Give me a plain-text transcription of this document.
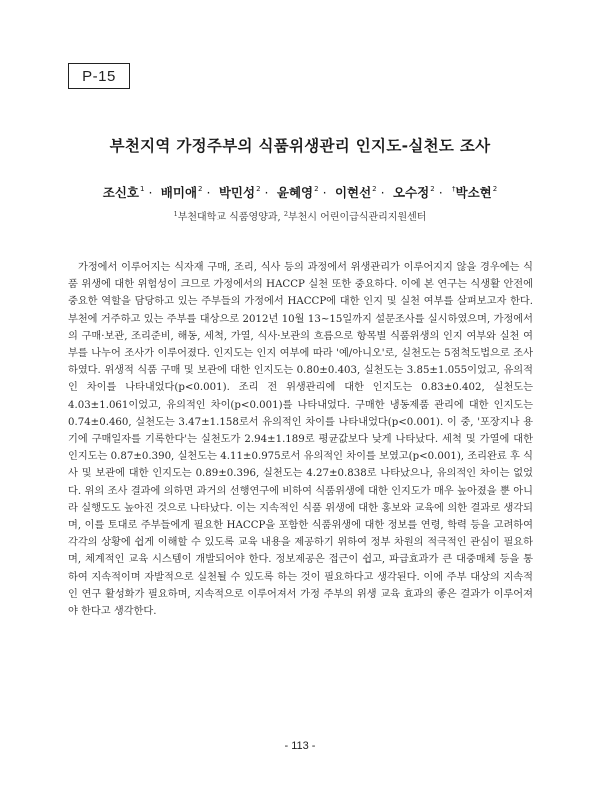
P-15
부천지역 가정주부의 식품위생관리 인지도-실천도 조사
조신호$^1$ · 배미애$^2$ · 박민성$^2$ · 윤혜영$^2$ · 이현선$^2$ · 오수정$^2$ · †박소현$^2$
$^1$부천대학교 식품영양과, $^2$부천시 어린이급식관리지원센터

가정에서 이루어지는 식자재 구매, 조리, 식사 등의 과정에서 위생관리가 이루어지지 않을 경우에는 식품 위생에 대한 위험성이 크므로 가정에서의 HACCP 실천 또한 중요하다. 이에 본 연구는 식생활 안전에 중요한 역할을 담당하고 있는 주부들의 가정에서 HACCP에 대한 인지 및 실천 여부를 살펴보고자 한다. 부천에 거주하고 있는 주부를 대상으로 2012년 10월 13~15일까지 설문조사를 실시하였으며, 가정에서의 구매·보관, 조리준비, 해동, 세척, 가열, 식사·보관의 흐름으로 항목별 식품위생의 인지 여부와 실천 여부를 나누어 조사가 이루어졌다. 인지도는 인지 여부에 따라 '예/아니오'로, 실천도는 5점척도법으로 조사하였다. 위생적 식품 구매 및 보관에 대한 인지도는 0.80±0.403, 실천도는 3.85±1.055이었고, 유의적인 차이를 나타내었다(p<0.001). 조리 전 위생관리에 대한 인지도는 0.83±0.402, 실천도는 4.03±1.061이었고, 유의적인 차이(p<0.001)를 나타내었다. 구매한 냉동제품 관리에 대한 인지도는 0.74±0.460, 실천도는 3.47±1.158로서 유의적인 차이를 나타내었다(p<0.001). 이 중, '포장지나 용기에 구매일자를 기록한다'는 실천도가 2.94±1.189로 평균값보다 낮게 나타났다. 세척 및 가열에 대한 인지도는 0.87±0.390, 실천도는 4.11±0.975로서 유의적인 차이를 보였고(p<0.001), 조리완료 후 식사 및 보관에 대한 인지도는 0.89±0.396, 실천도는 4.27±0.838로 나타났으나, 유의적인 차이는 없었다. 위의 조사 결과에 의하면 과거의 선행연구에 비하여 식품위생에 대한 인지도가 매우 높아졌을 뿐 아니라 실행도도 높아진 것으로 나타났다. 이는 지속적인 식품 위생에 대한 홍보와 교육에 의한 결과로 생각되며, 이를 토대로 주부들에게 필요한 HACCP을 포함한 식품위생에 대한 정보를 연령, 학력 등을 고려하여 각각의 상황에 쉽게 이해할 수 있도록 교육 내용을 제공하기 위하여 정부 차원의 적극적인 관심이 필요하며, 체계적인 교육 시스템이 개발되어야 한다. 정보제공은 접근이 쉽고, 파급효과가 큰 대중매체 등을 통하여 지속적이며 자발적으로 실천될 수 있도록 하는 것이 필요하다고 생각된다. 이에 주부 대상의 지속적인 연구 활성화가 필요하며, 지속적으로 이루어져서 가정 주부의 위생 교육 효과의 좋은 결과가 이루어져야 한다고 생각한다.

- 113 -
